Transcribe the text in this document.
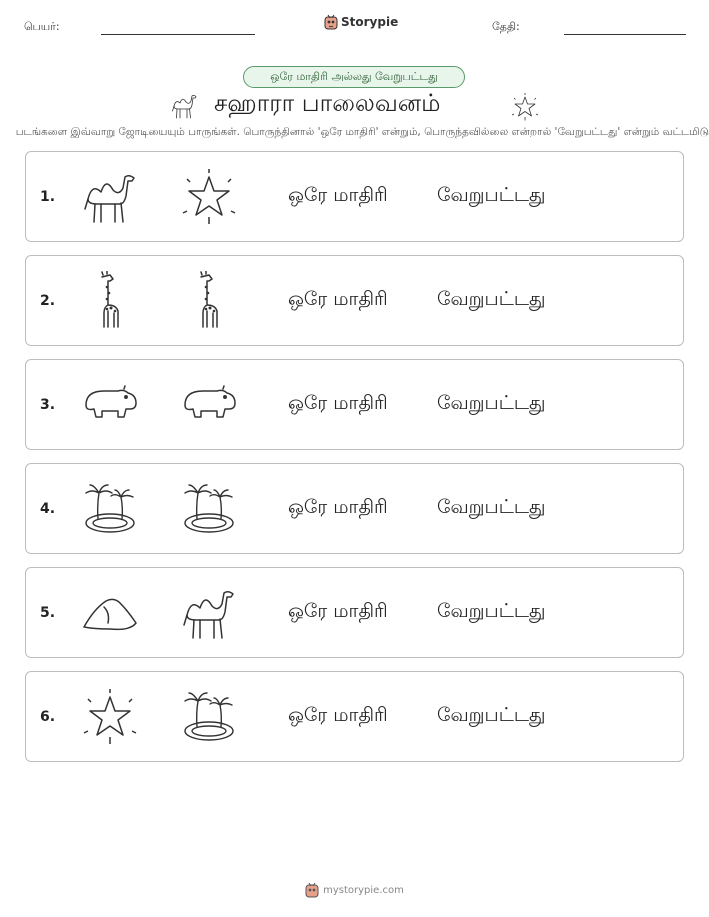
பெயர்:	Storypie	தேதி:
ஒரே மாதிரி அல்லது வேறுபட்டது
சஹாரா பாலைவனம்
படங்களை இவ்வாறு ஜோடியையும் பாருங்கள். பொருந்தினால் 'ஒரே மாதிரி' என்றும், பொருந்தவில்லை என்றால் 'வேறுபட்டது' என்றும் வட்டமிடு
1.	ஒரே மாதிரி	வேறுபட்டது
2.	ஒரே மாதிரி	வேறுபட்டது
3.	ஒரே மாதிரி	வேறுபட்டது
4.	ஒரே மாதிரி	வேறுபட்டது
5.	ஒரே மாதிரி	வேறுபட்டது
6.	ஒரே மாதிரி	வேறுபட்டது
mystorypie.com
